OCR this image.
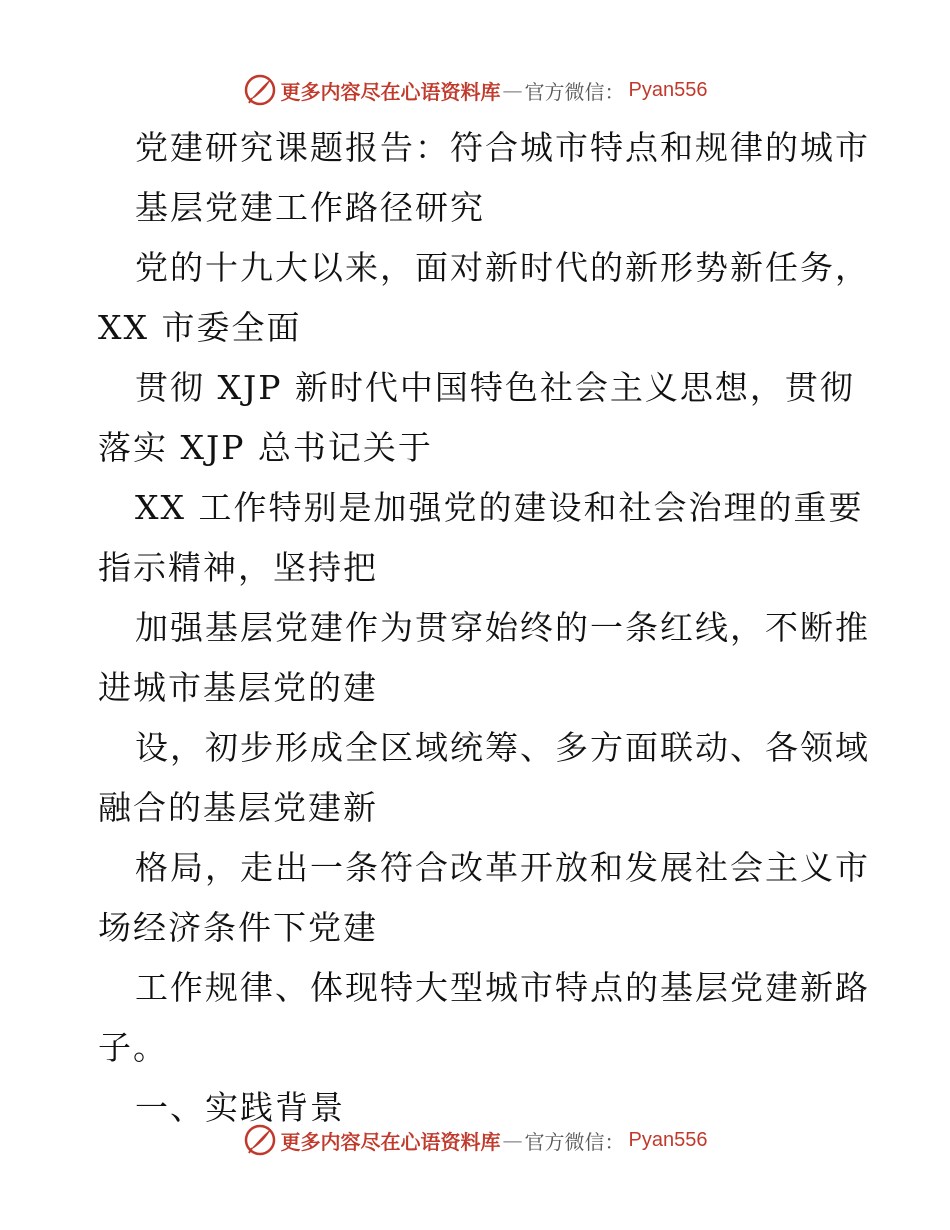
更多内容尽在心语资料库 — 官方微信： Pyan556
党建研究课题报告：符合城市特点和规律的城市
基层党建工作路径研究
党的十九大以来，面对新时代的新形势新任务，
XX 市委全面
贯彻 XJP 新时代中国特色社会主义思想，贯彻
落实 XJP 总书记关于
XX 工作特别是加强党的建设和社会治理的重要
指示精神，坚持把
加强基层党建作为贯穿始终的一条红线，不断推
进城市基层党的建
设，初步形成全区域统筹、多方面联动、各领域
融合的基层党建新
格局，走出一条符合改革开放和发展社会主义市
场经济条件下党建
工作规律、体现特大型城市特点的基层党建新路
子。
一、实践背景
更多内容尽在心语资料库 — 官方微信： Pyan556
